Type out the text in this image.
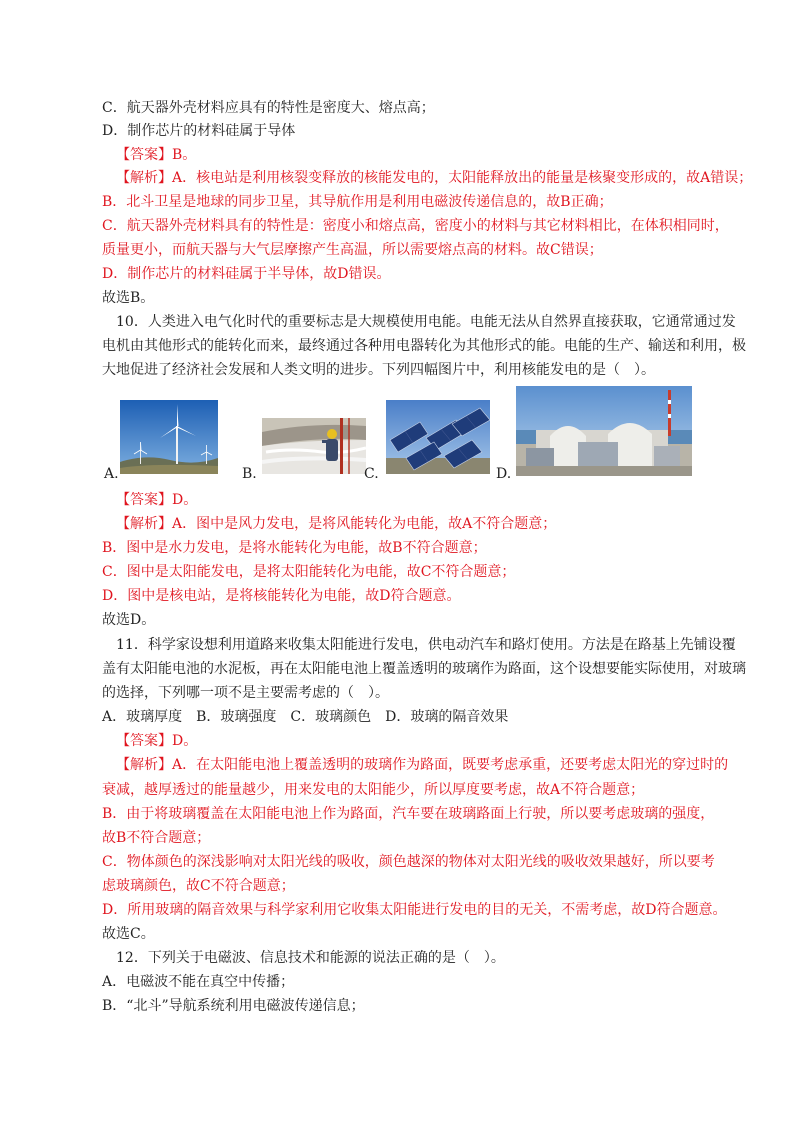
C．航天器外壳材料应具有的特性是密度大、熔点高；
D．制作芯片的材料硅属于导体
【答案】B。
【解析】A．核电站是利用核裂变释放的核能发电的，太阳能释放出的能量是核聚变形成的，故A错误；
B．北斗卫星是地球的同步卫星，其导航作用是利用电磁波传递信息的，故B正确；
C．航天器外壳材料具有的特性是：密度小和熔点高，密度小的材料与其它材料相比，在体积相同时，
质量更小，而航天器与大气层摩擦产生高温，所以需要熔点高的材料。故C错误；
D．制作芯片的材料硅属于半导体，故D错误。
故选B。
10．人类进入电气化时代的重要标志是大规模使用电能。电能无法从自然界直接获取，它通常通过发
电机由其他形式的能转化而来，最终通过各种用电器转化为其他形式的能。电能的生产、输送和利用，极
大地促进了经济社会发展和人类文明的进步。下列四幅图片中，利用核能发电的是（　）。
A.	B.	C.	D.
【答案】D。
【解析】A．图中是风力发电，是将风能转化为电能，故A不符合题意；
B．图中是水力发电，是将水能转化为电能，故B不符合题意；
C．图中是太阳能发电，是将太阳能转化为电能，故C不符合题意；
D．图中是核电站，是将核能转化为电能，故D符合题意。
故选D。
11．科学家设想利用道路来收集太阳能进行发电，供电动汽车和路灯使用。方法是在路基上先铺设覆
盖有太阳能电池的水泥板，再在太阳能电池上覆盖透明的玻璃作为路面，这个设想要能实际使用，对玻璃
的选择，下列哪一项不是主要需考虑的（　）。
A．玻璃厚度　B．玻璃强度　C．玻璃颜色　D．玻璃的隔音效果
【答案】D。
【解析】A．在太阳能电池上覆盖透明的玻璃作为路面，既要考虑承重，还要考虑太阳光的穿过时的
衰减，越厚透过的能量越少，用来发电的太阳能少，所以厚度要考虑，故A不符合题意；
B．由于将玻璃覆盖在太阳能电池上作为路面，汽车要在玻璃路面上行驶，所以要考虑玻璃的强度，
故B不符合题意；
C．物体颜色的深浅影响对太阳光线的吸收，颜色越深的物体对太阳光线的吸收效果越好，所以要考
虑玻璃颜色，故C不符合题意；
D．所用玻璃的隔音效果与科学家利用它收集太阳能进行发电的目的无关，不需考虑，故D符合题意。
故选C。
12．下列关于电磁波、信息技术和能源的说法正确的是（　）。
A．电磁波不能在真空中传播；
B．“北斗”导航系统利用电磁波传递信息；
